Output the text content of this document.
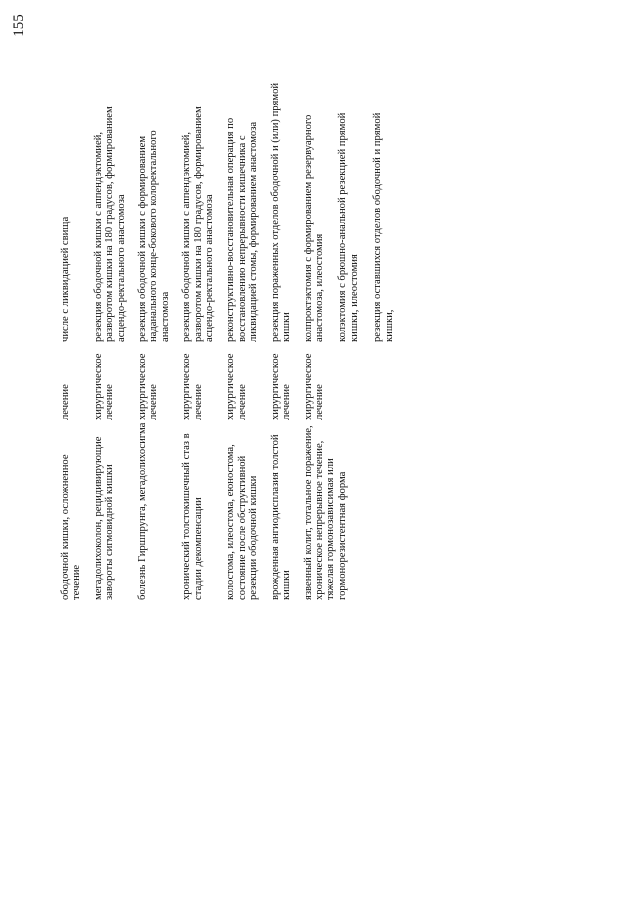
155
ободочной кишки, осложненное течение	лечение	числе с ликвидацией свища

мегадолихоколон, рецидивирующие завороты сигмовидной кишки	хирургическое лечение	резекция ободочной кишки с аппендэктомией, разворотом кишки на 180 градусов, формированием асцендо-ректального анастомоза

болезнь Гиршпрунга, мегадолихосигма	хирургическое лечение	резекция ободочной кишки с формированием наданального конце-бокового колоректального анастомоза

хронический толстокишечный стаз в стадии декомпенсации	хирургическое лечение	резекция ободочной кишки с аппендэктомией, разворотом кишки на 180 градусов, формированием асцендо-ректального анастомоза

колостома, илеостома, еюностома, состояние после обструктивной резекции ободочной кишки	хирургическое лечение	реконструктивно-восстановительная операция по восстановлению непрерывности кишечника с ликвидацией стомы, формированием анастомоза

врожденная ангиодисплазия толстой кишки	хирургическое лечение	резекция пораженных отделов ободочной и (или) прямой кишки

язвенный колит, тотальное поражение, хроническое непрерывное течение, тяжелая гормонозависимая или гормонорезистентная форма	хирургическое лечение	колпроктэктомия с формированием резервуарного анастомоза, илеостомия колэктомия с брюшно-анальной резекцией прямой кишки, илеостомия резекция оставшихся отделов ободочной и прямой кишки,
